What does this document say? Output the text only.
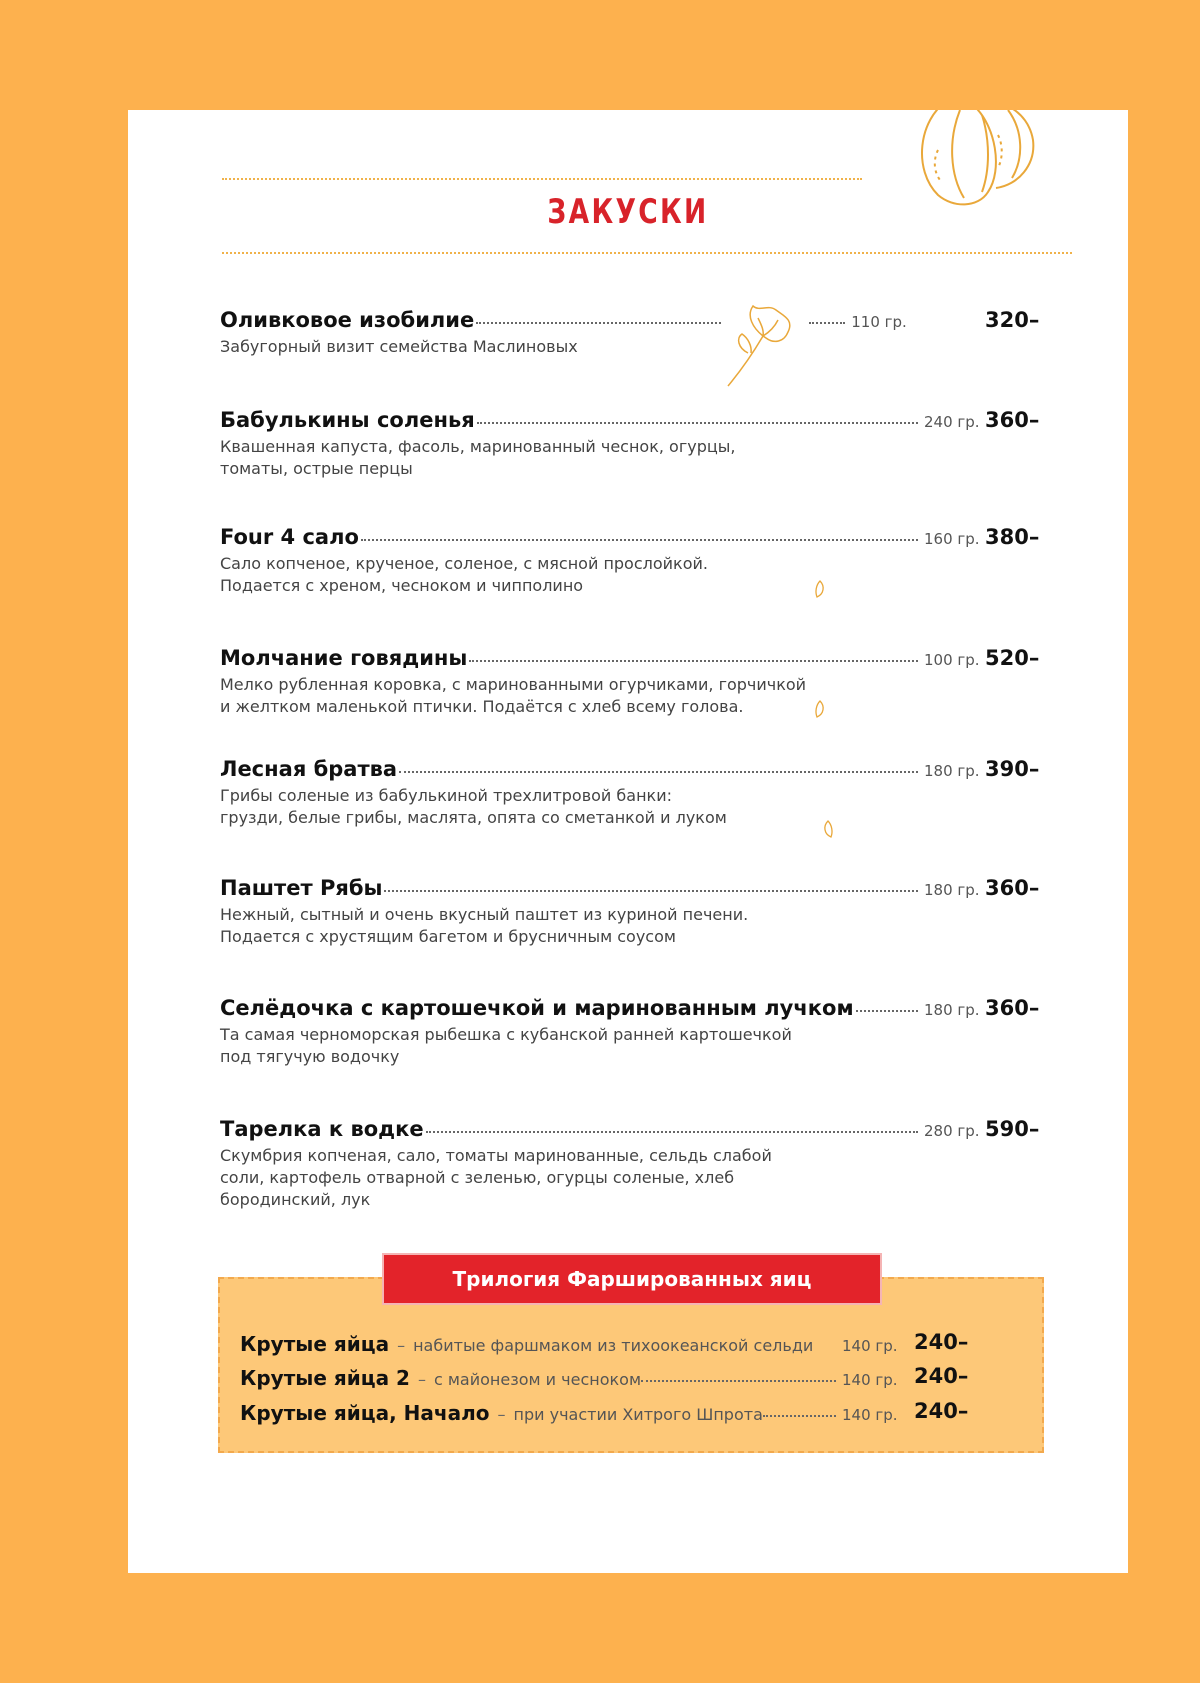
ЗАКУСКИ
Оливковое изобилие	110 гр.	320–
Забугорный визит семейства Маслиновых
Бабулькины соленья	240 гр. 360–
Квашенная капуста, фасоль, маринованный чеснок, огурцы,
томаты, острые перцы
Four 4 сало	160 гр. 380–
Сало копченое, крученое, соленое, с мясной прослойкой.
Подается с хреном, чесноком и чипполино
Молчание говядины	100 гр. 520–
Мелко рубленная коровка, с маринованными огурчиками, горчичкой
и желтком маленькой птички. Подаётся с хлеб всему голова.
Лесная братва	180 гр. 390–
Грибы соленые из бабулькиной трехлитровой банки:
грузди, белые грибы, маслята, опята со сметанкой и луком
Паштет Рябы	180 гр. 360–
Нежный, сытный и очень вкусный паштет из куриной печени.
Подается с хрустящим багетом и брусничным соусом
Селёдочка с картошечкой и маринованным лучком	180 гр. 360–
Та самая черноморская рыбешка с кубанской ранней картошечкой
под тягучую водочку
Тарелка к водке	280 гр. 590–
Скумбрия копченая, сало, томаты маринованные, сельдь слабой
соли, картофель отварной с зеленью, огурцы соленые, хлеб
бородинский, лук
Трилогия Фаршированных яиц
Крутые яйца – набитые фаршмаком из тихоокеанской сельди 140 гр. 240–
Крутые яйца 2 – с майонезом и чесноком	140 гр. 240–
Крутые яйца, Начало – при участии Хитрого Шпрота	140 гр. 240–
